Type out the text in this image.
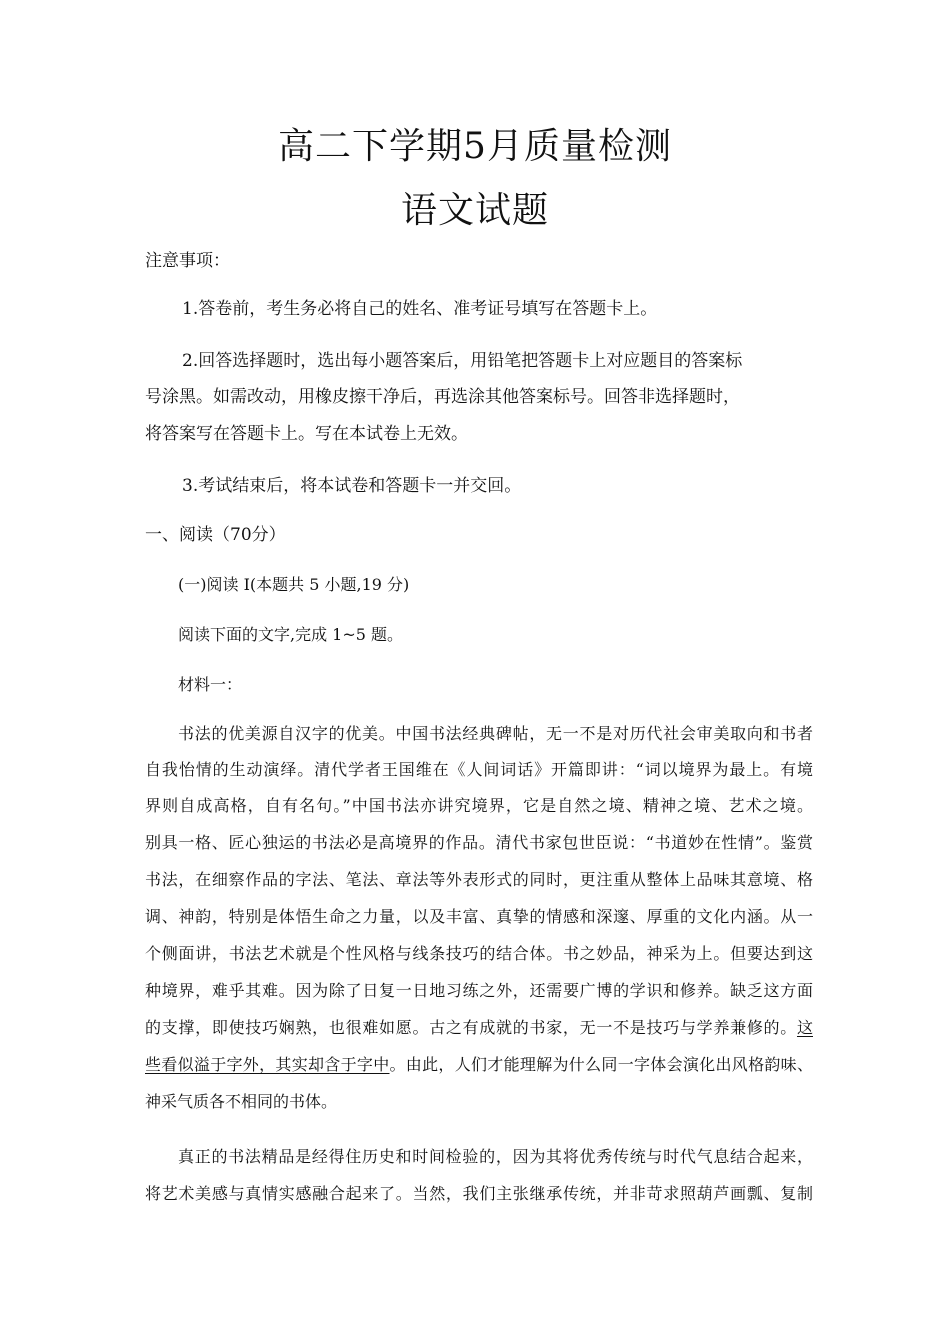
高二下学期5月质量检测
语文试题
注意事项：
1.答卷前，考生务必将自己的姓名、准考证号填写在答题卡上。
2.回答选择题时，选出每小题答案后，用铅笔把答题卡上对应题目的答案标
号涂黑。如需改动，用橡皮擦干净后，再选涂其他答案标号。回答非选择题时，
将答案写在答题卡上。写在本试卷上无效。
3.考试结束后，将本试卷和答题卡一并交回。
一、阅读（70分）
(一)阅读 I(本题共 5 小题,19 分)
阅读下面的文字,完成 1~5 题。
材料一：
书法的优美源自汉字的优美。中国书法经典碑帖，无一不是对历代社会审美取向和书者
自我怡情的生动演绎。清代学者王国维在《人间词话》开篇即讲：“词以境界为最上。有境
界则自成高格，自有名句。”中国书法亦讲究境界，它是自然之境、精神之境、艺术之境。
别具一格、匠心独运的书法必是高境界的作品。清代书家包世臣说：“书道妙在性情”。鉴赏
书法，在细察作品的字法、笔法、章法等外表形式的同时，更注重从整体上品味其意境、格
调、神韵，特别是体悟生命之力量，以及丰富、真挚的情感和深邃、厚重的文化内涵。从一
个侧面讲，书法艺术就是个性风格与线条技巧的结合体。书之妙品，神采为上。但要达到这
种境界，难乎其难。因为除了日复一日地习练之外，还需要广博的学识和修养。缺乏这方面
的支撑，即使技巧娴熟，也很难如愿。古之有成就的书家，无一不是技巧与学养兼修的。这
些看似溢于字外，其实却含于字中。由此，人们才能理解为什么同一字体会演化出风格韵味、
神采气质各不相同的书体。
真正的书法精品是经得住历史和时间检验的，因为其将优秀传统与时代气息结合起来，
将艺术美感与真情实感融合起来了。当然，我们主张继承传统，并非苛求照葫芦画瓢、复制
